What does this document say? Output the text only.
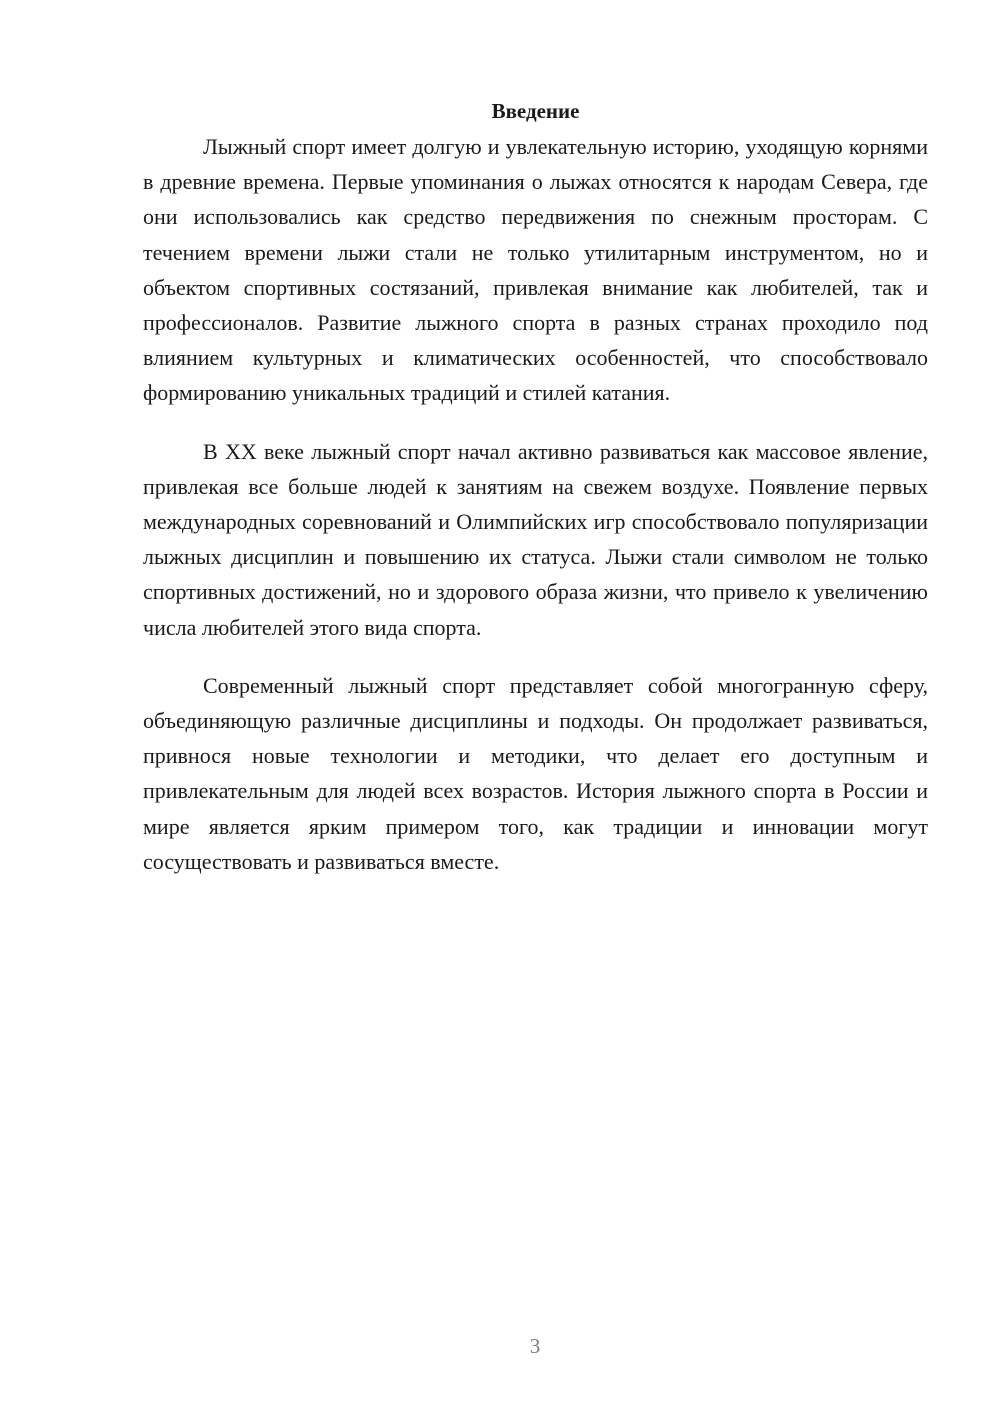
Введение

Лыжный спорт имеет долгую и увлекательную историю, уходящую корнями в древние времена. Первые упоминания о лыжах относятся к народам Севера, где они использовались как средство передвижения по снежным просторам. С течением времени лыжи стали не только утилитарным инструментом, но и объектом спортивных состязаний, привлекая внимание как любителей, так и профессионалов. Развитие лыжного спорта в разных странах проходило под влиянием культурных и климатических особенностей, что способствовало формированию уникальных традиций и стилей катания.

В XX веке лыжный спорт начал активно развиваться как массовое явление, привлекая все больше людей к занятиям на свежем воздухе. Появление первых международных соревнований и Олимпийских игр способствовало популяризации лыжных дисциплин и повышению их статуса. Лыжи стали символом не только спортивных достижений, но и здорового образа жизни, что привело к увеличению числа любителей этого вида спорта.

Современный лыжный спорт представляет собой многогранную сферу, объединяющую различные дисциплины и подходы. Он продолжает развиваться, привнося новые технологии и методики, что делает его доступным и привлекательным для людей всех возрастов. История лыжного спорта в России и мире является ярким примером того, как традиции и инновации могут сосуществовать и развиваться вместе.

3
